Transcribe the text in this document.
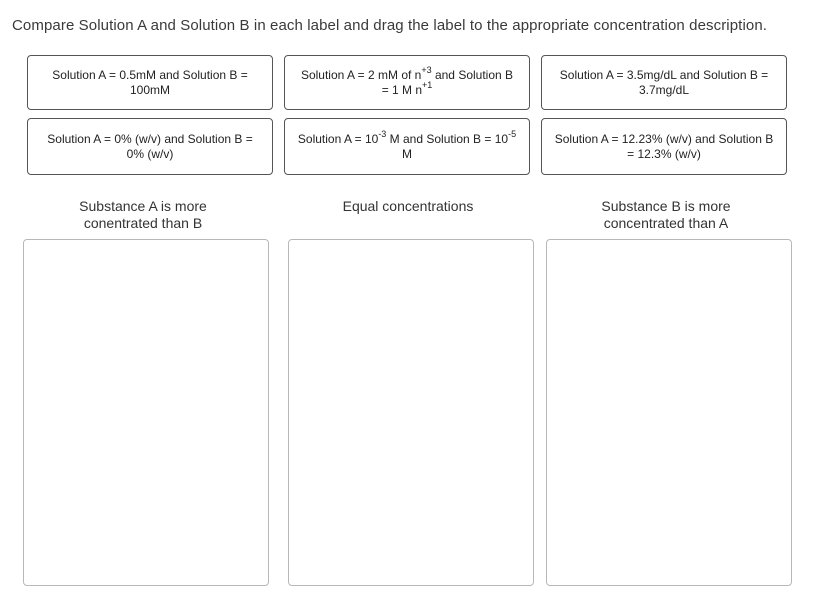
Compare Solution A and Solution B in each label and drag the label to the appropriate concentration description.
Solution A = 0.5mM and Solution B = 100mM
Solution A = 2 mM of $n^{+3}$ and Solution B = 1 M $n^{+1}$
Solution A = 3.5mg/dL and Solution B = 3.7mg/dL
Solution A = 0% (w/v) and Solution B = 0% (w/v)
Solution $A = 10^{-3}$ M and Solution $B = 10^{-5}$ M
Solution A = 12.23% (w/v) and Solution B = 12.3% (w/v)
Substance A is more conentrated than B
Equal concentrations	Substance B is more concentrated than A
